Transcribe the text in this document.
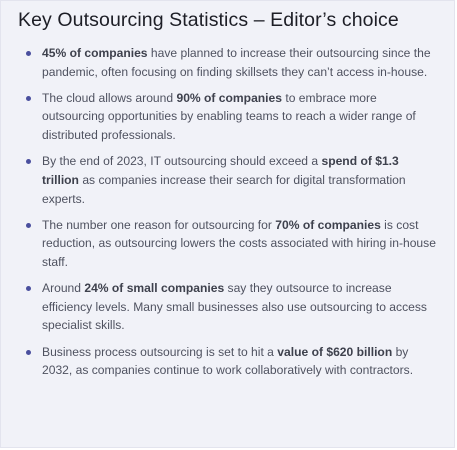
Key Outsourcing Statistics – Editor’s choice
45% of companies have planned to increase their outsourcing since the pandemic, often focusing on finding skillsets they can’t access in-house.
The cloud allows around 90% of companies to embrace more outsourcing opportunities by enabling teams to reach a wider range of distributed professionals.
By the end of 2023, IT outsourcing should exceed a spend of $1.3 trillion as companies increase their search for digital transformation experts.
The number one reason for outsourcing for 70% of companies is cost reduction, as outsourcing lowers the costs associated with hiring in-house staff.
Around 24% of small companies say they outsource to increase efficiency levels. Many small businesses also use outsourcing to access specialist skills.
Business process outsourcing is set to hit a value of $620 billion by 2032, as companies continue to work collaboratively with contractors.
